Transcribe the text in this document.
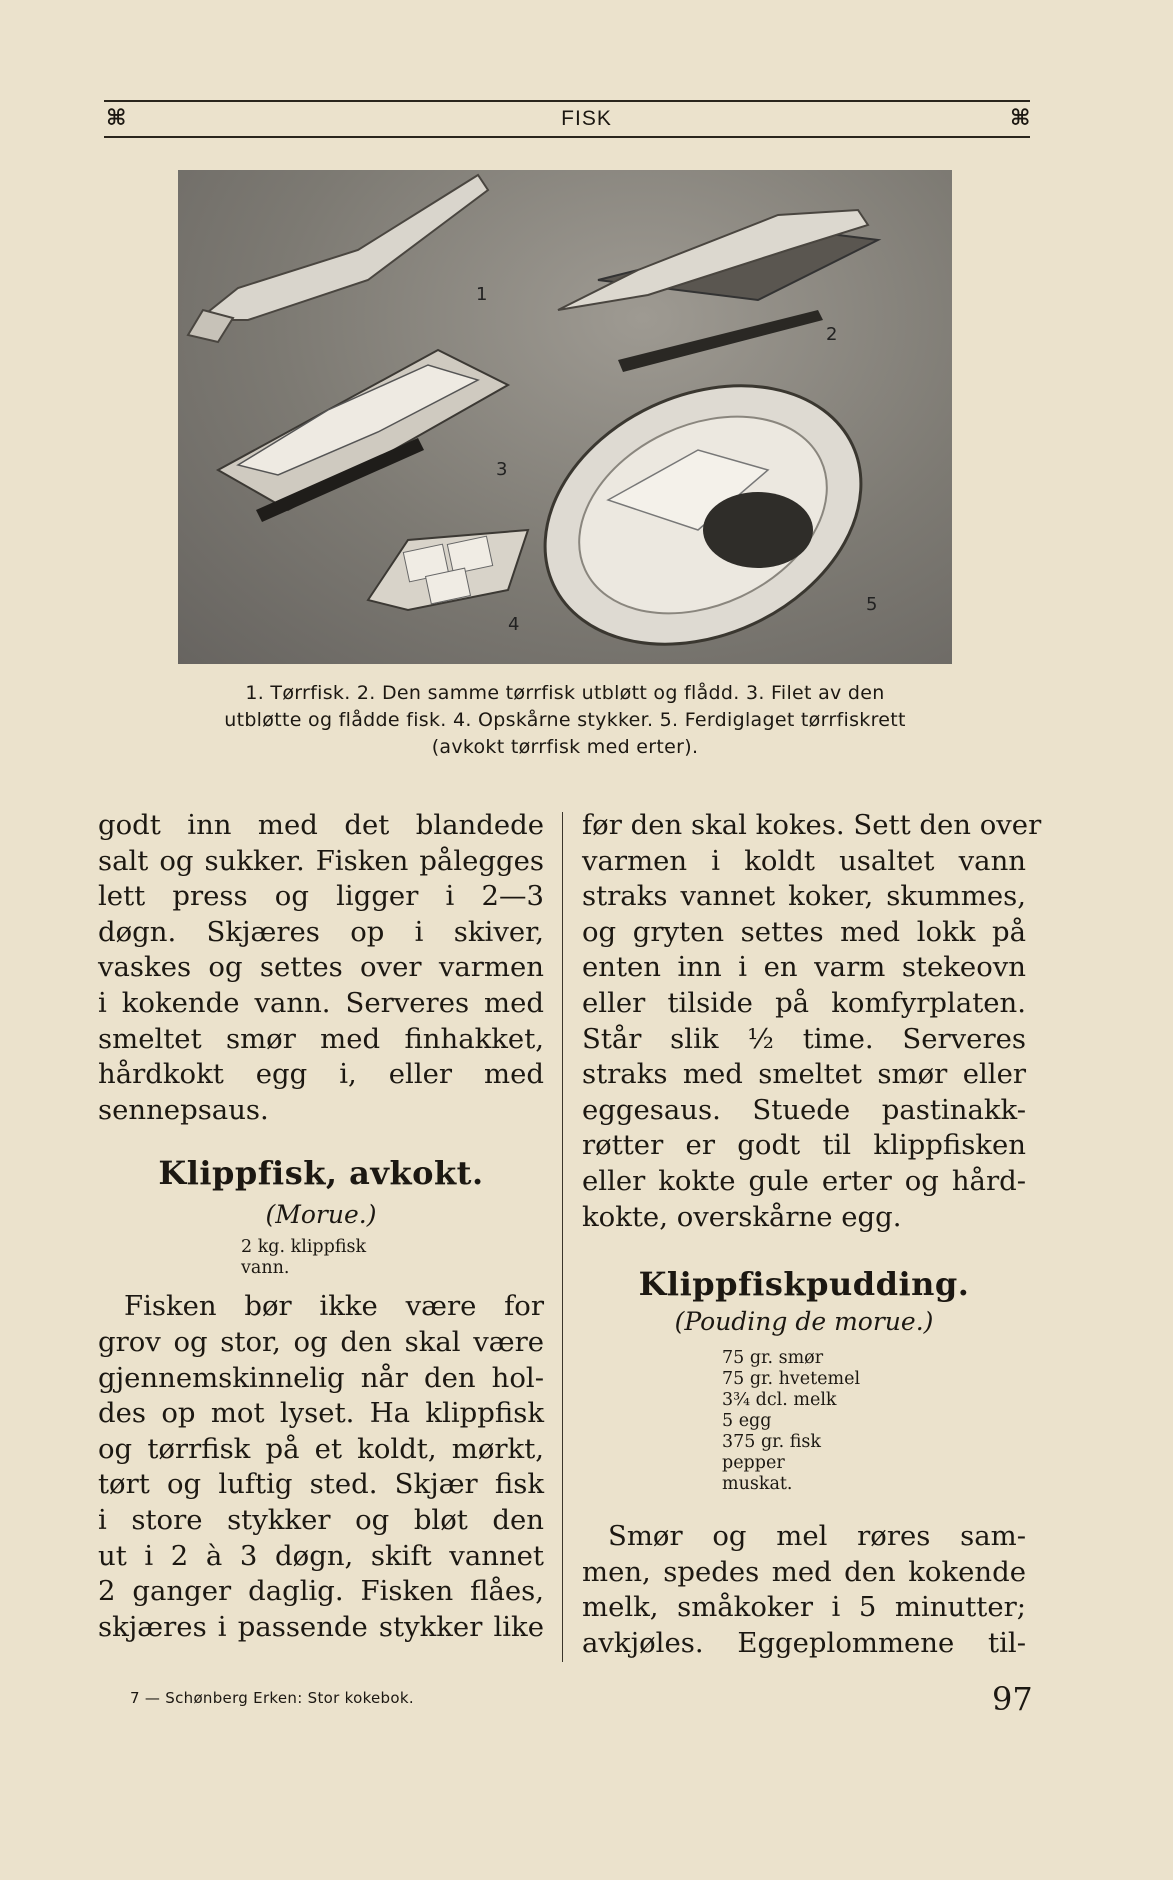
⌘	FISK	⌘
1
2
3
4
5
1. Tørrfisk. 2. Den samme tørrfisk utbløtt og flådd. 3. Filet av den
utbløtte og flådde fisk. 4. Opskårne stykker. 5. Ferdiglaget tørrfiskrett
(avkokt tørrfisk med erter).

godt inn med det blandede
salt og sukker. Fisken pålegges
lett press og ligger i 2—3
døgn. Skjæres op i skiver,
vaskes og settes over varmen
i kokende vann. Serveres med
smeltet smør med finhakket,
hårdkokt egg i, eller med
sennepsaus.

Klippfisk, avkokt.

(Morue.)

2 kg. klippfisk
vann.

Fisken bør ikke være for
grov og stor, og den skal være
gjennemskinnelig når den hol-
des op mot lyset. Ha klippfisk
og tørrfisk på et koldt, mørkt,
tørt og luftig sted. Skjær fisk
i store stykker og bløt den
ut i 2 à 3 døgn, skift vannet
2 ganger daglig. Fisken flåes,
skjæres i passende stykker like

før den skal kokes. Sett den over
varmen i koldt usaltet vann
straks vannet koker, skummes,
og gryten settes med lokk på
enten inn i en varm stekeovn
eller tilside på komfyrplaten.
Står slik ½ time. Serveres
straks med smeltet smør eller
eggesaus. Stuede pastinakk-
røtter er godt til klippfisken
eller kokte gule erter og hård-
kokte, overskårne egg.

Klippfiskpudding.

(Pouding de morue.)

75 gr. smør
75 gr. hvetemel
3¾ dcl. melk
5 egg
375 gr. fisk
pepper
muskat.

Smør og mel røres sam-
men, spedes med den kokende
melk, småkoker i 5 minutter;
avkjøles. Eggeplommene til-

7 — Schønberg Erken: Stor kokebok.	97
